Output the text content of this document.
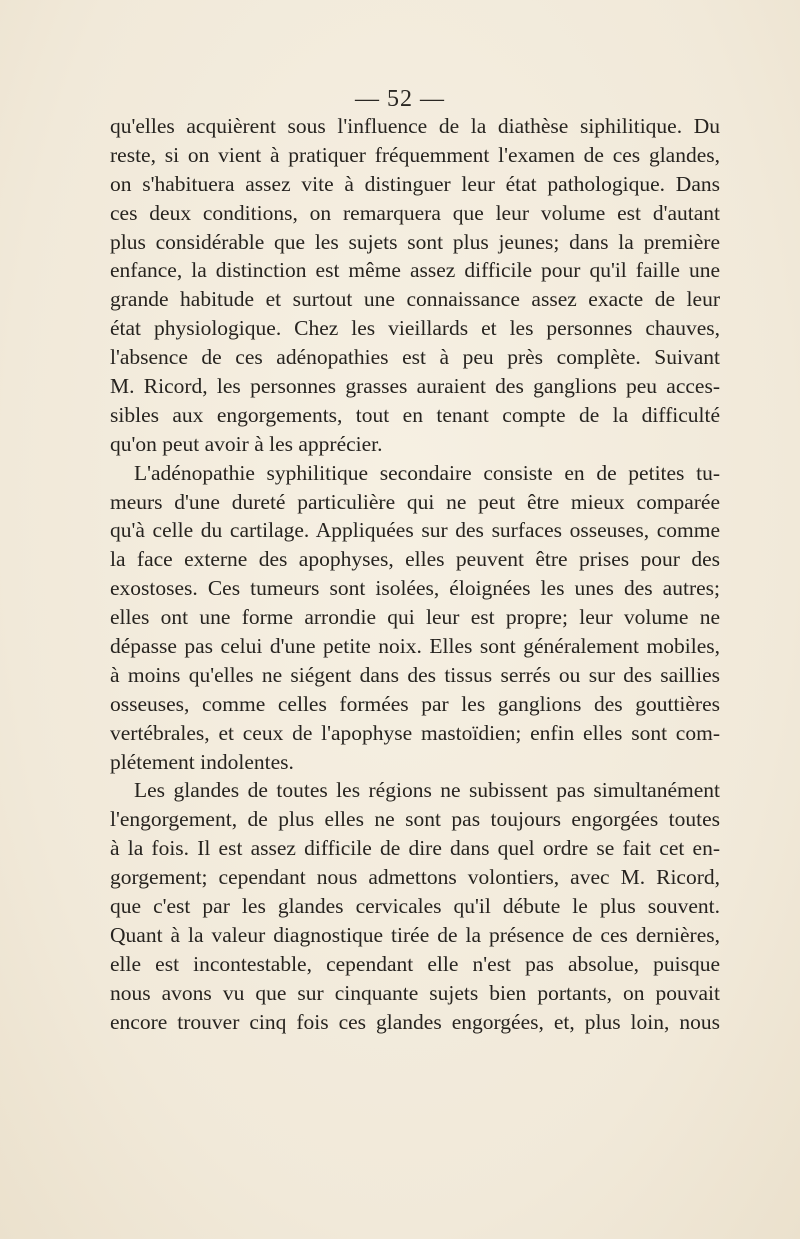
— 52 —
qu'elles acquièrent sous l'influence de la diathèse siphilitique. Du
reste, si on vient à pratiquer fréquemment l'examen de ces glandes,
on s'habituera assez vite à distinguer leur état pathologique. Dans
ces deux conditions, on remarquera que leur volume est d'autant
plus considérable que les sujets sont plus jeunes; dans la première
enfance, la distinction est même assez difficile pour qu'il faille une
grande habitude et surtout une connaissance assez exacte de leur
état physiologique. Chez les vieillards et les personnes chauves,
l'absence de ces adénopathies est à peu près complète. Suivant
M. Ricord, les personnes grasses auraient des ganglions peu acces-
sibles aux engorgements, tout en tenant compte de la difficulté
qu'on peut avoir à les apprécier.
L'adénopathie syphilitique secondaire consiste en de petites tu-
meurs d'une dureté particulière qui ne peut être mieux comparée
qu'à celle du cartilage. Appliquées sur des surfaces osseuses, comme
la face externe des apophyses, elles peuvent être prises pour des
exostoses. Ces tumeurs sont isolées, éloignées les unes des autres;
elles ont une forme arrondie qui leur est propre; leur volume ne
dépasse pas celui d'une petite noix. Elles sont généralement mobiles,
à moins qu'elles ne siégent dans des tissus serrés ou sur des saillies
osseuses, comme celles formées par les ganglions des gouttières
vertébrales, et ceux de l'apophyse mastoïdien; enfin elles sont com-
plétement indolentes.
Les glandes de toutes les régions ne subissent pas simultanément
l'engorgement, de plus elles ne sont pas toujours engorgées toutes
à la fois. Il est assez difficile de dire dans quel ordre se fait cet en-
gorgement; cependant nous admettons volontiers, avec M. Ricord,
que c'est par les glandes cervicales qu'il débute le plus souvent.
Quant à la valeur diagnostique tirée de la présence de ces dernières,
elle est incontestable, cependant elle n'est pas absolue, puisque
nous avons vu que sur cinquante sujets bien portants, on pouvait
encore trouver cinq fois ces glandes engorgées, et, plus loin, nous
